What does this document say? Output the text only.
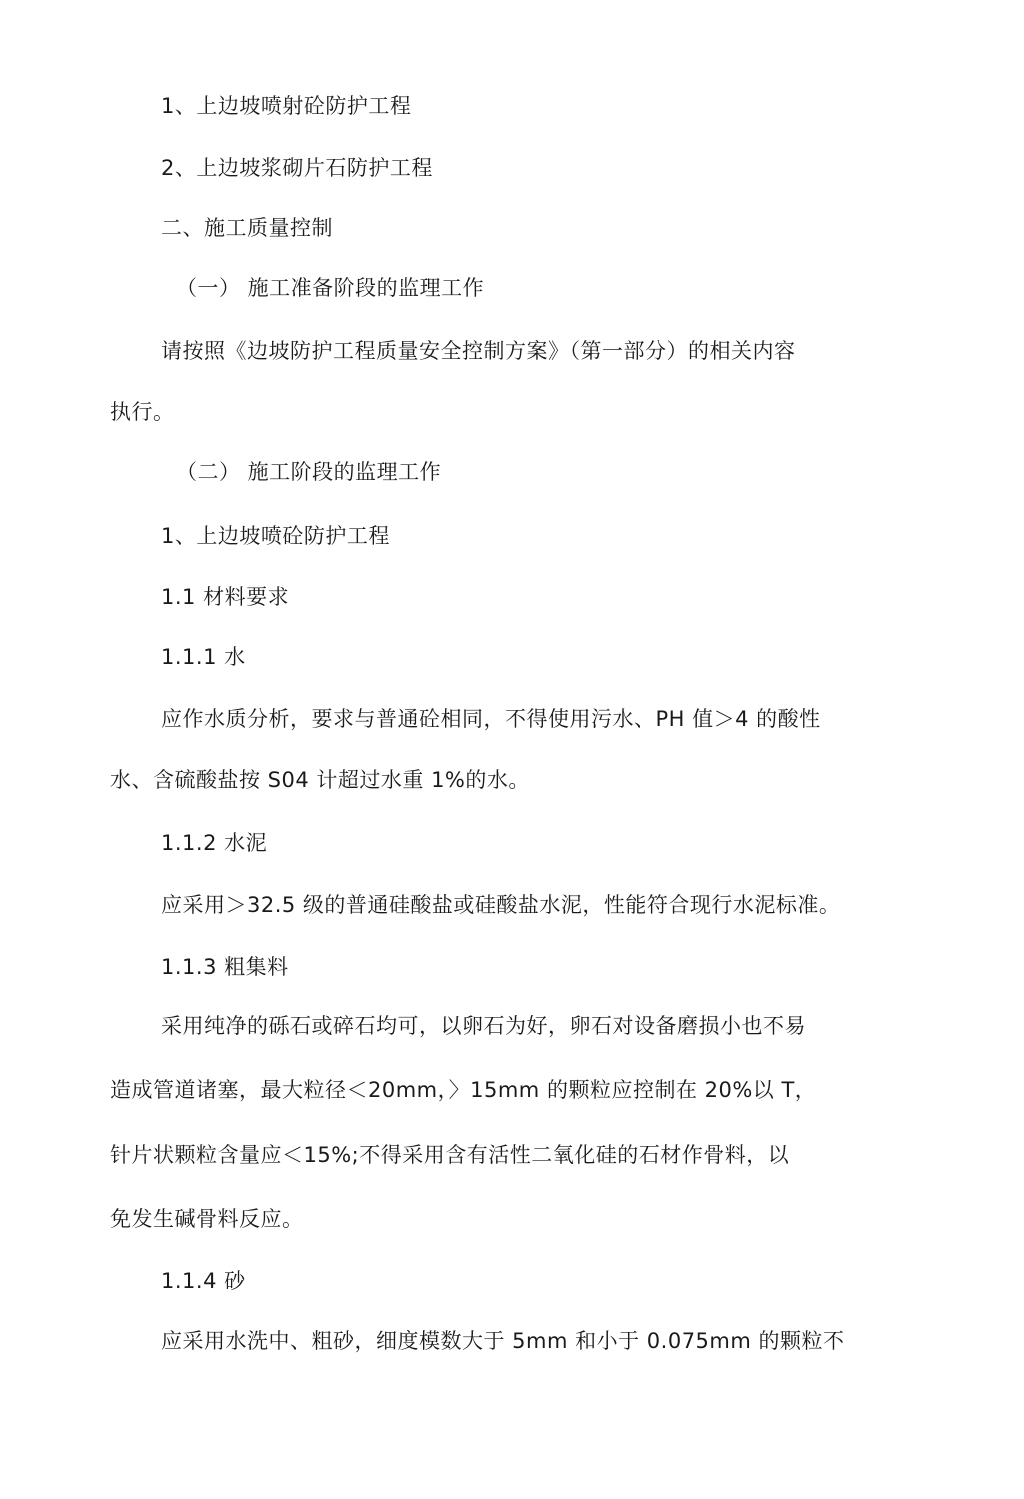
1、上边坡喷射砼防护工程
2、上边坡浆砌片石防护工程
二、施工质量控制
（一） 施工准备阶段的监理工作
请按照《边坡防护工程质量安全控制方案》（第一部分）的相关内容
执行。
（二） 施工阶段的监理工作
1、上边坡喷砼防护工程
1.1 材料要求
1.1.1 水
应作水质分析，要求与普通砼相同，不得使用污水、PH 值＞4 的酸性
水、含硫酸盐按 S04 计超过水重 1%的水。
1.1.2 水泥
应采用＞32.5 级的普通硅酸盐或硅酸盐水泥，性能符合现行水泥标准。
1.1.3 粗集料
采用纯净的砾石或碎石均可，以卵石为好，卵石对设备磨损小也不易
造成管道诸塞，最大粒径＜20mm，〉15mm 的颗粒应控制在 20%以 T，
针片状颗粒含量应＜15%;不得采用含有活性二氧化硅的石材作骨料，以
免发生碱骨料反应。
1.1.4 砂
应采用水洗中、粗砂，细度模数大于 5mm 和小于 0.075mm 的颗粒不
